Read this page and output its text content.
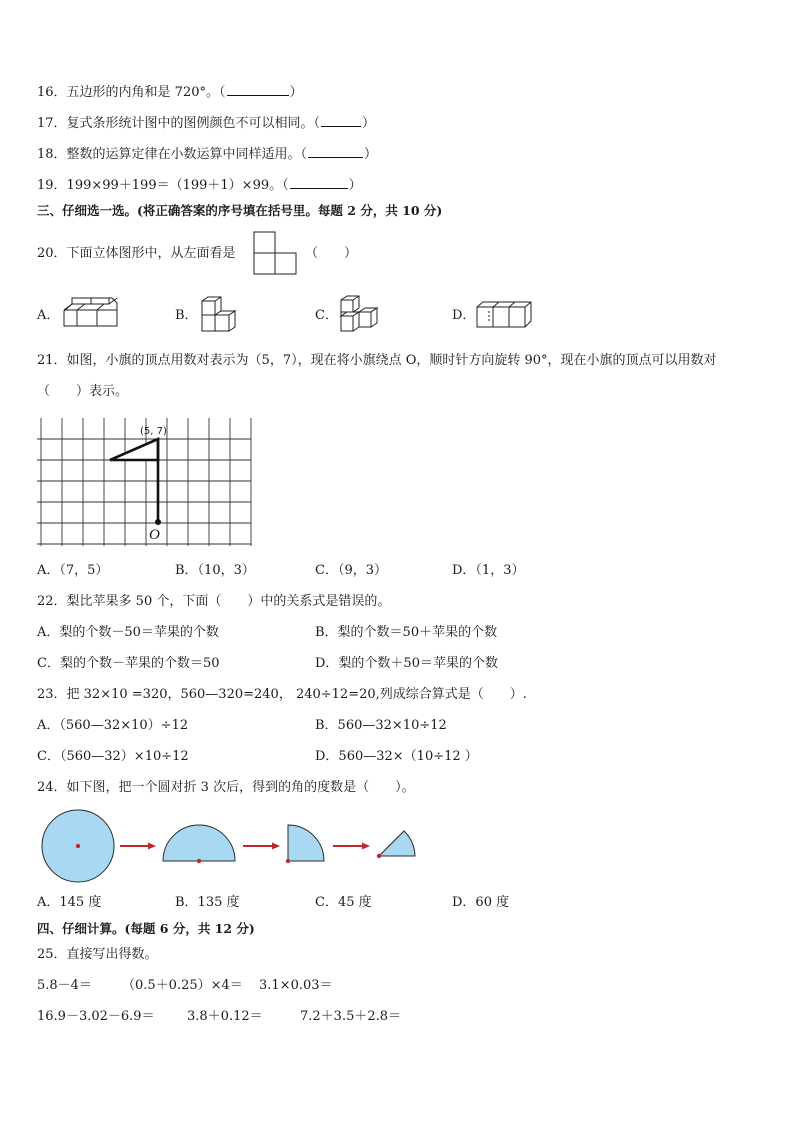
16．五边形的内角和是 720°。（	）
17．复式条形统计图中的图例颜色不可以相同。（	）
18．整数的运算定律在小数运算中同样适用。（	）
19．199×99＋199＝（199＋1）×99。（	）
三、仔细选一选。(将正确答案的序号填在括号里。每题 2 分，共 10 分)
20．下面立体图形中，从左面看是	（　　）
A．	B．	C．	D．
21．如图，小旗的顶点用数对表示为（5，7），现在将小旗绕点 O，顺时针方向旋转 90°，现在小旗的顶点可以用数对
（　　）表示。
(5, 7)
O
A．（7，5）	B．（10，3）	C．（9，3）	D．（1，3）
22．梨比苹果多 50 个，下面（　　）中的关系式是错误的。
A．梨的个数－50＝苹果的个数	B．梨的个数＝50＋苹果的个数
C．梨的个数－苹果的个数＝50	D．梨的个数＋50＝苹果的个数
23．把 32×10 =320，560—320=240， 240÷12=20,列成综合算式是（　　）.
A．（560—32×10）÷12	B．560—32×10÷12
C．（560—32）×10÷12	D．560—32×（10÷12 ）
24．如下图，把一个圆对折 3 次后，得到的角的度数是（　　）。
A．145 度	B．135 度	C．45 度	D．60 度
四、仔细计算。(每题 6 分，共 12 分)
25．直接写出得数。
5.8－4＝ （0.5＋0.25）×4＝ 3.1×0.03＝
16.9－3.02－6.9＝ 3.8＋0.12＝	7.2＋3.5＋2.8＝
